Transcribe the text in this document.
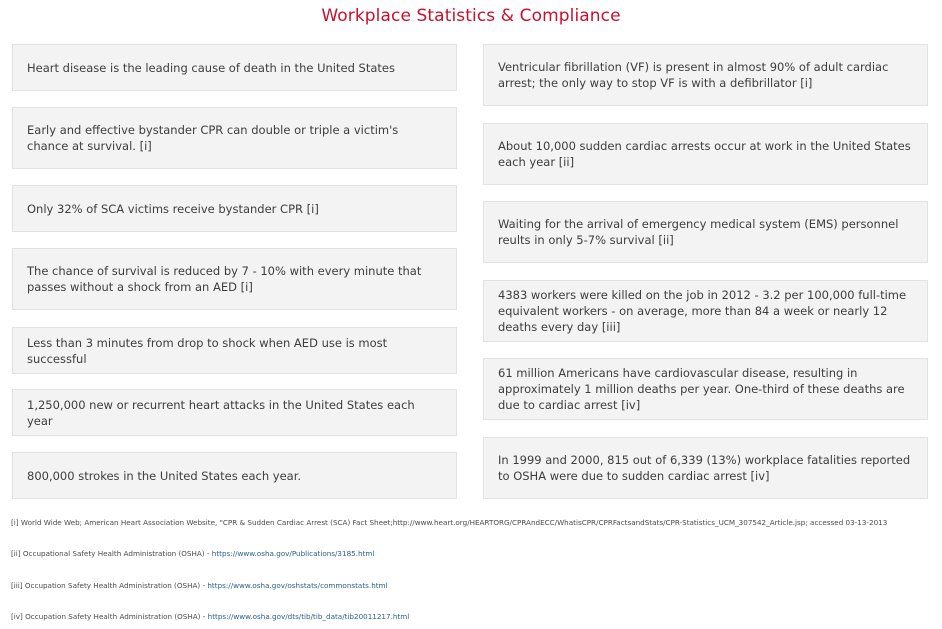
Workplace Statistics & Compliance
Heart disease is the leading cause of death in the United States
Early and effective bystander CPR can double or triple a victim's chance at survival. [i]
Only 32% of SCA victims receive bystander CPR [i]
The chance of survival is reduced by 7 - 10% with every minute that passes without a shock from an AED [i]
Less than 3 minutes from drop to shock when AED use is most successful
1,250,000 new or recurrent heart attacks in the United States each year
800,000 strokes in the United States each year.
Ventricular fibrillation (VF) is present in almost 90% of adult cardiac arrest; the only way to stop VF is with a defibrillator [i]
About 10,000 sudden cardiac arrests occur at work in the United States each year [ii]
Waiting for the arrival of emergency medical system (EMS) personnel reults in only 5-7% survival [ii]
4383 workers were killed on the job in 2012 - 3.2 per 100,000 full-time equivalent workers - on average, more than 84 a week or nearly 12 deaths every day [iii]
61 million Americans have cardiovascular disease, resulting in approximately 1 million deaths per year. One-third of these deaths are due to cardiac arrest [iv]
In 1999 and 2000, 815 out of 6,339 (13%) workplace fatalities reported to OSHA were due to sudden cardiac arrest [iv]
[i] World Wide Web; American Heart Association Website, "CPR & Sudden Cardiac Arrest (SCA) Fact Sheet;http://www.heart.org/HEARTORG/CPRAndECC/WhatisCPR/CPRFactsandStats/CPR-Statistics_UCM_307542_Article.jsp; accessed 03-13-2013
[ii] Occupational Safety Health Administration (OSHA) - https://www.osha.gov/Publications/3185.html
[iii] Occupation Safety Health Administration (OSHA) - https://www.osha.gov/oshstats/commonstats.html
[iv] Occupation Safety Health Administration (OSHA) - https://www.osha.gov/dts/tib/tib_data/tib20011217.html
